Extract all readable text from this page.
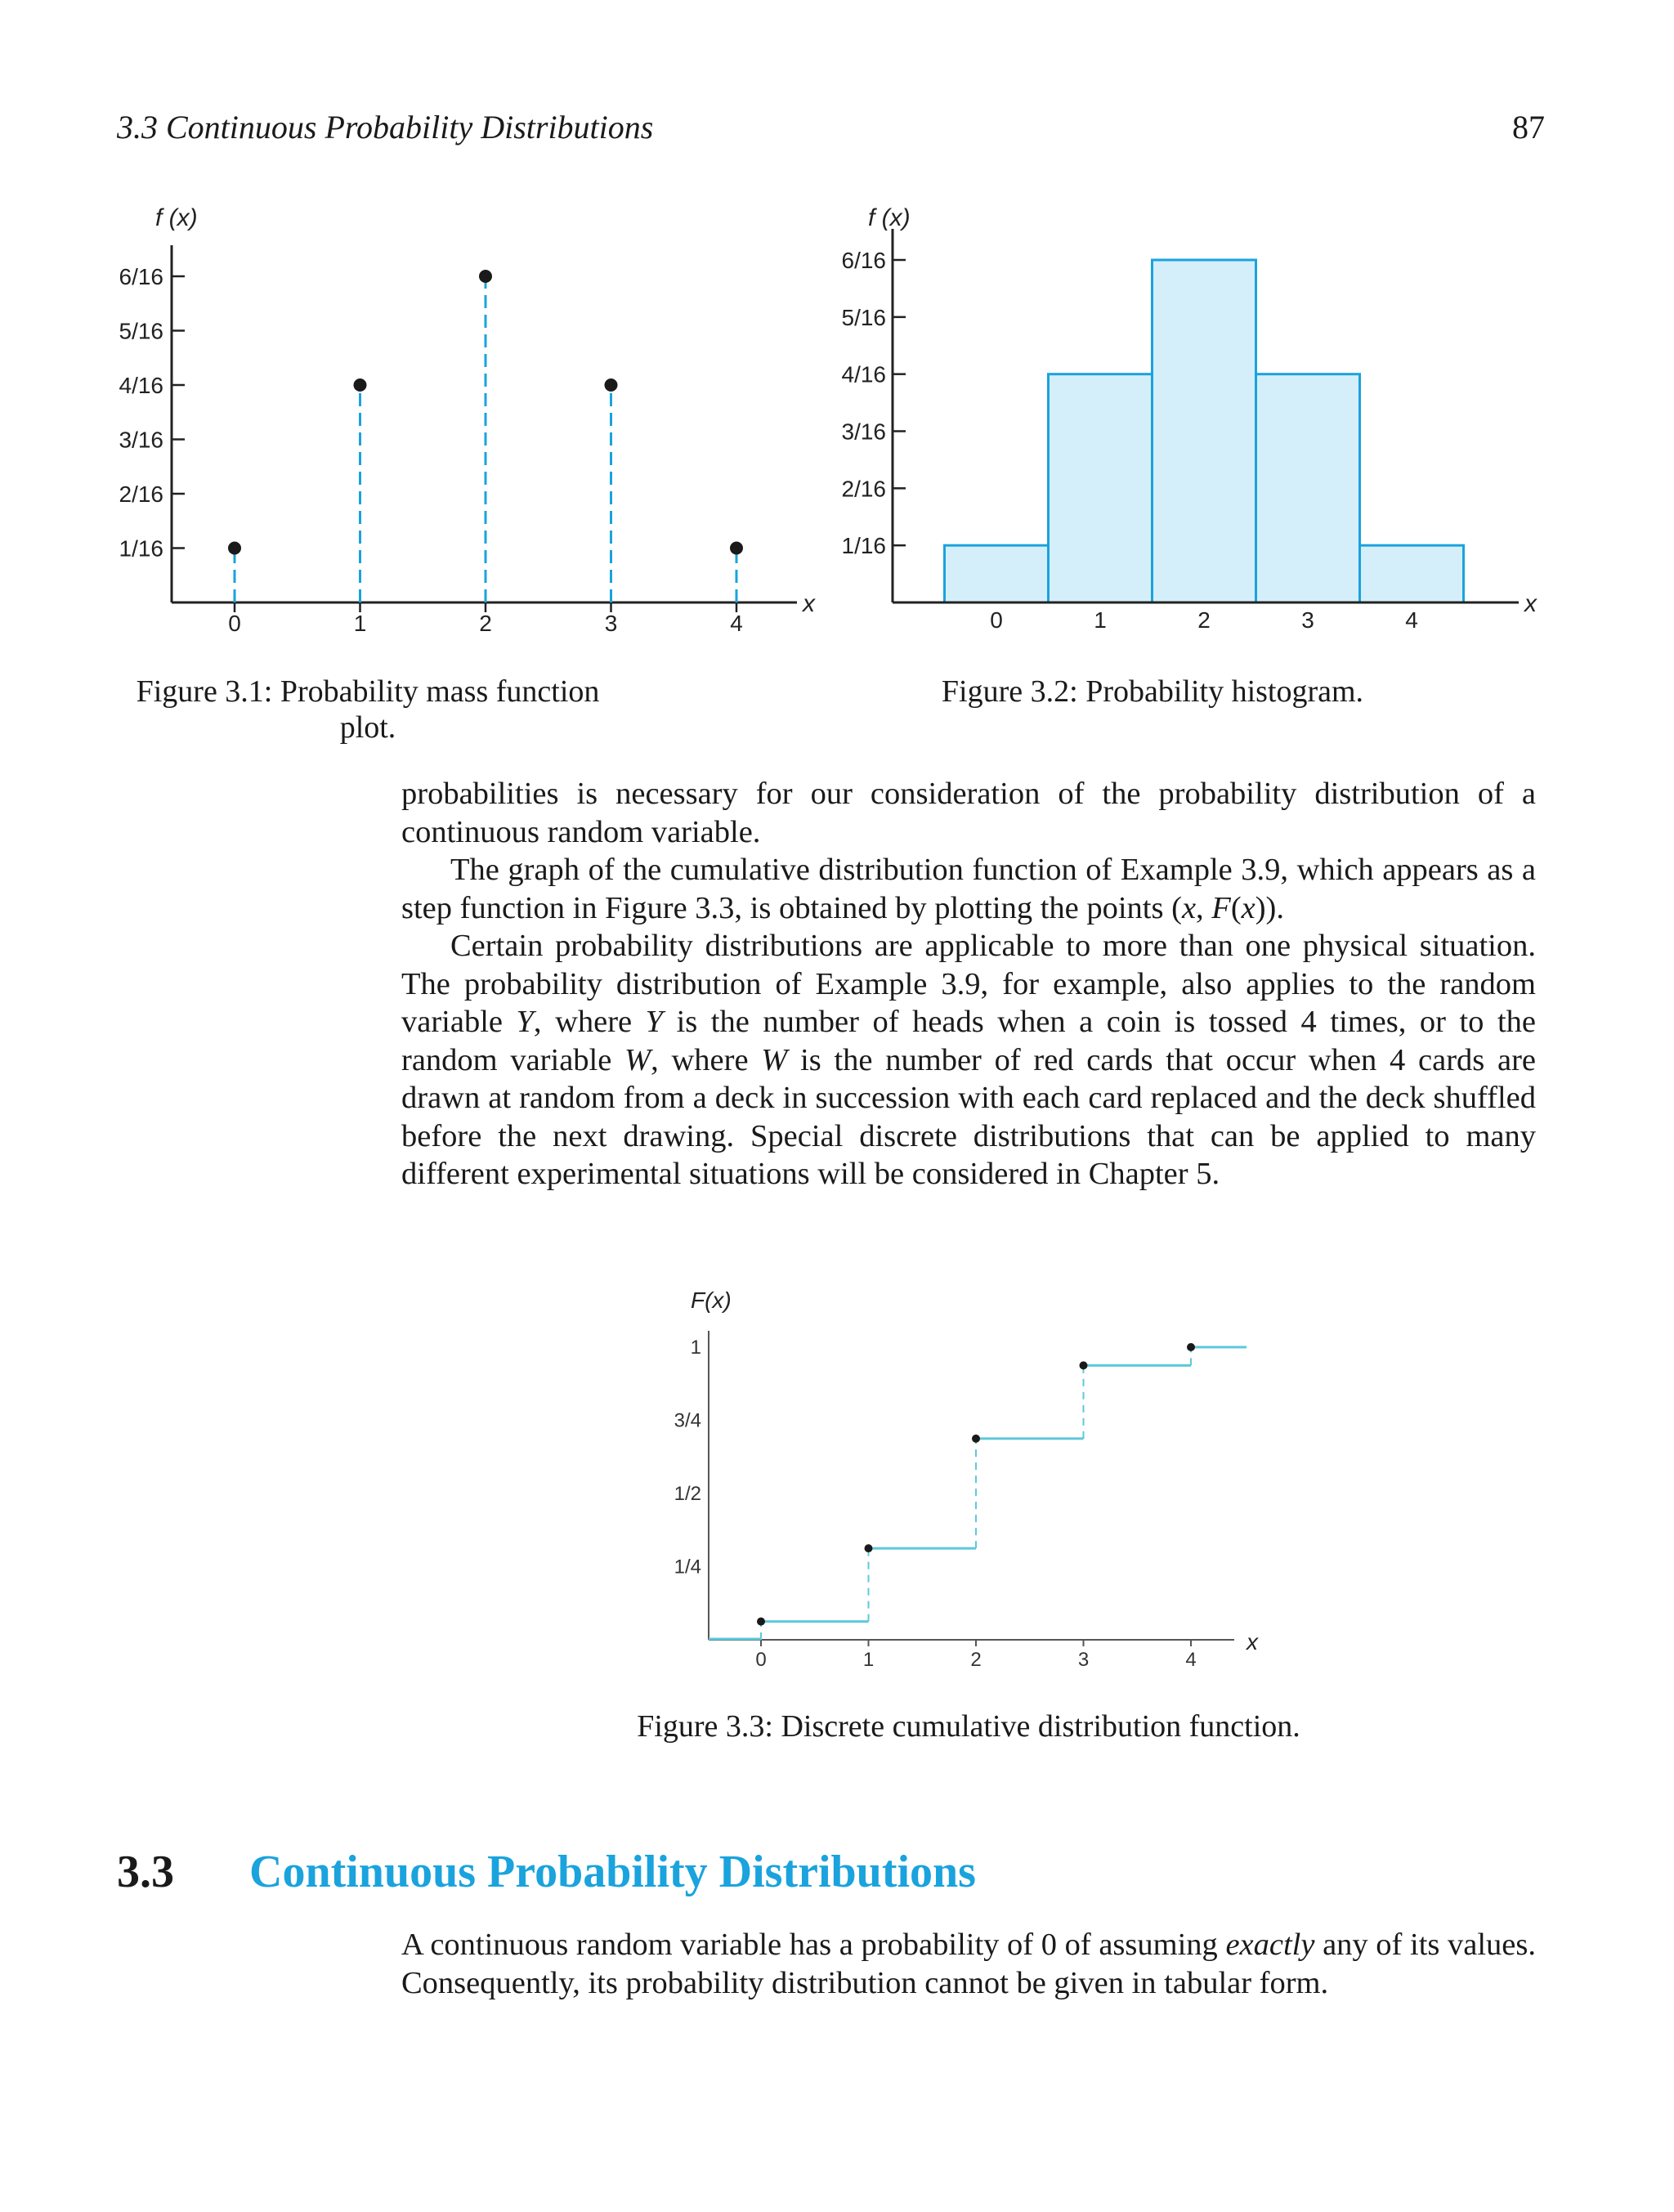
3.3 Continuous Probability Distributions	87
f (x)
x
1/16
2/16
3/16
4/16
5/16
6/16
0	1	2	3	4
f (x)
x
1/16
2/16
3/16
4/16
5/16
6/16
0	1	2	3	4
Figure 3.1: Probability mass function plot.
Figure 3.2: Probability histogram.

probabilities is necessary for our consideration of the probability distribution of a continuous random variable.

The graph of the cumulative distribution function of Example 3.9, which appears as a step function in Figure 3.3, is obtained by plotting the points (x, F(x)).

Certain probability distributions are applicable to more than one physical situation. The probability distribution of Example 3.9, for example, also applies to the random variable Y, where Y is the number of heads when a coin is tossed 4 times, or to the random variable W, where W is the number of red cards that occur when 4 cards are drawn at random from a deck in succession with each card replaced and the deck shuffled before the next drawing. Special discrete distributions that can be applied to many different experimental situations will be considered in Chapter 5.

F(x)
x
1/4
1/2
3/4
1
0	1	2	3	4
Figure 3.3: Discrete cumulative distribution function.
3.3 Continuous Probability Distributions

A continuous random variable has a probability of 0 of assuming exactly any of its values. Consequently, its probability distribution cannot be given in tabular form.
